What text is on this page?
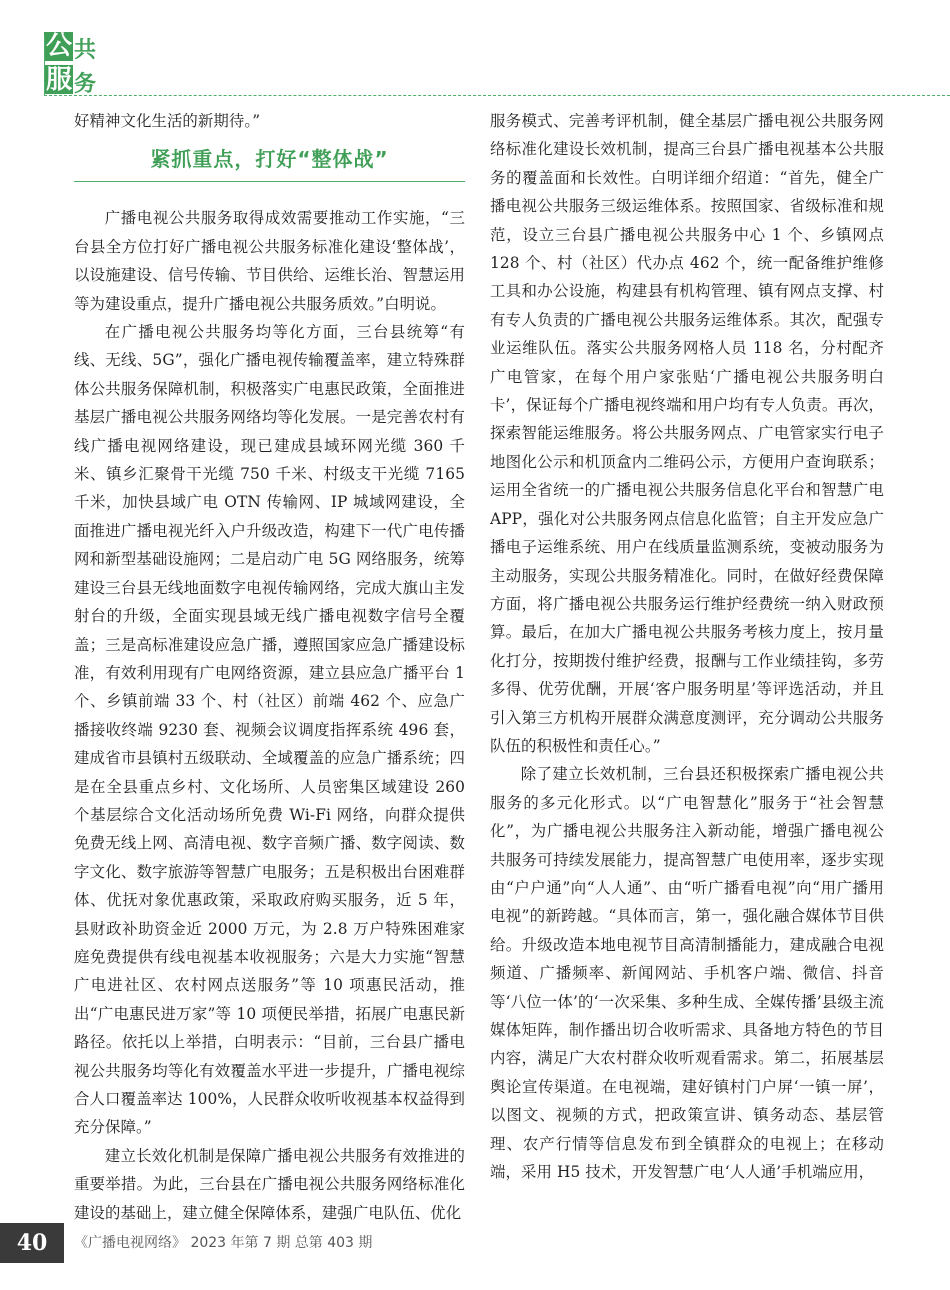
公 共
服 务

好精神文化生活的新期待。”

紧抓重点，打好“整体战”

广播电视公共服务取得成效需要推动工作实施，“三台县全方位打好广播电视公共服务标准化建设‘整体战’，以设施建设、信号传输、节目供给、运维长治、智慧运用等为建设重点，提升广播电视公共服务质效。”白明说。

在广播电视公共服务均等化方面，三台县统筹“有线、无线、5G”，强化广播电视传输覆盖率，建立特殊群体公共服务保障机制，积极落实广电惠民政策，全面推进基层广播电视公共服务网络均等化发展。一是完善农村有线广播电视网络建设，现已建成县域环网光缆 360 千米、镇乡汇聚骨干光缆 750 千米、村级支干光缆 7165 千米，加快县域广电 OTN 传输网、IP 城域网建设，全面推进广播电视光纤入户升级改造，构建下一代广电传播网和新型基础设施网；二是启动广电 5G 网络服务，统筹建设三台县无线地面数字电视传输网络，完成大旗山主发射台的升级，全面实现县域无线广播电视数字信号全覆盖；三是高标准建设应急广播，遵照国家应急广播建设标准，有效利用现有广电网络资源，建立县应急广播平台 1 个、乡镇前端 33 个、村（社区）前端 462 个、应急广播接收终端 9230 套、视频会议调度指挥系统 496 套，建成省市县镇村五级联动、全域覆盖的应急广播系统；四是在全县重点乡村、文化场所、人员密集区域建设 260 个基层综合文化活动场所免费 Wi-Fi 网络，向群众提供免费无线上网、高清电视、数字音频广播、数字阅读、数字文化、数字旅游等智慧广电服务；五是积极出台困难群体、优抚对象优惠政策，采取政府购买服务，近 5 年，县财政补助资金近 2000 万元，为 2.8 万户特殊困难家庭免费提供有线电视基本收视服务；六是大力实施“智慧广电进社区、农村网点送服务”等 10 项惠民活动，推出“广电惠民进万家”等 10 项便民举措，拓展广电惠民新路径。依托以上举措，白明表示：“目前，三台县广播电视公共服务均等化有效覆盖水平进一步提升，广播电视综合人口覆盖率达 100%，人民群众收听收视基本权益得到充分保障。”

建立长效化机制是保障广播电视公共服务有效推进的重要举措。为此，三台县在广播电视公共服务网络标准化建设的基础上，建立健全保障体系，建强广电队伍、优化

服务模式、完善考评机制，健全基层广播电视公共服务网络标准化建设长效机制，提高三台县广播电视基本公共服务的覆盖面和长效性。白明详细介绍道：“首先，健全广播电视公共服务三级运维体系。按照国家、省级标准和规范，设立三台县广播电视公共服务中心 1 个、乡镇网点 128 个、村（社区）代办点 462 个，统一配备维护维修工具和办公设施，构建县有机构管理、镇有网点支撑、村有专人负责的广播电视公共服务运维体系。其次，配强专业运维队伍。落实公共服务网格人员 118 名，分村配齐广电管家，在每个用户家张贴‘广播电视公共服务明白卡’，保证每个广播电视终端和用户均有专人负责。再次，探索智能运维服务。将公共服务网点、广电管家实行电子地图化公示和机顶盒内二维码公示，方便用户查询联系；运用全省统一的广播电视公共服务信息化平台和智慧广电 APP，强化对公共服务网点信息化监管；自主开发应急广播电子运维系统、用户在线质量监测系统，变被动服务为主动服务，实现公共服务精准化。同时，在做好经费保障方面，将广播电视公共服务运行维护经费统一纳入财政预算。最后，在加大广播电视公共服务考核力度上，按月量化打分，按期拨付维护经费，报酬与工作业绩挂钩，多劳多得、优劳优酬，开展‘客户服务明星’等评选活动，并且引入第三方机构开展群众满意度测评，充分调动公共服务队伍的积极性和责任心。”

除了建立长效机制，三台县还积极探索广播电视公共服务的多元化形式。以“广电智慧化”服务于“社会智慧化”，为广播电视公共服务注入新动能，增强广播电视公共服务可持续发展能力，提高智慧广电使用率，逐步实现由“户户通”向“人人通”、由“听广播看电视”向“用广播用电视”的新跨越。“具体而言，第一，强化融合媒体节目供给。升级改造本地电视节目高清制播能力，建成融合电视频道、广播频率、新闻网站、手机客户端、微信、抖音等‘八位一体’的‘一次采集、多种生成、全媒传播’县级主流媒体矩阵，制作播出切合收听需求、具备地方特色的节目内容，满足广大农村群众收听观看需求。第二，拓展基层舆论宣传渠道。在电视端，建好镇村门户屏‘一镇一屏’，以图文、视频的方式，把政策宣讲、镇务动态、基层管理、农产行情等信息发布到全镇群众的电视上；在移动端，采用 H5 技术，开发智慧广电‘人人通’手机端应用，

40	《广播电视网络》 2023 年第 7 期 总第 403 期
